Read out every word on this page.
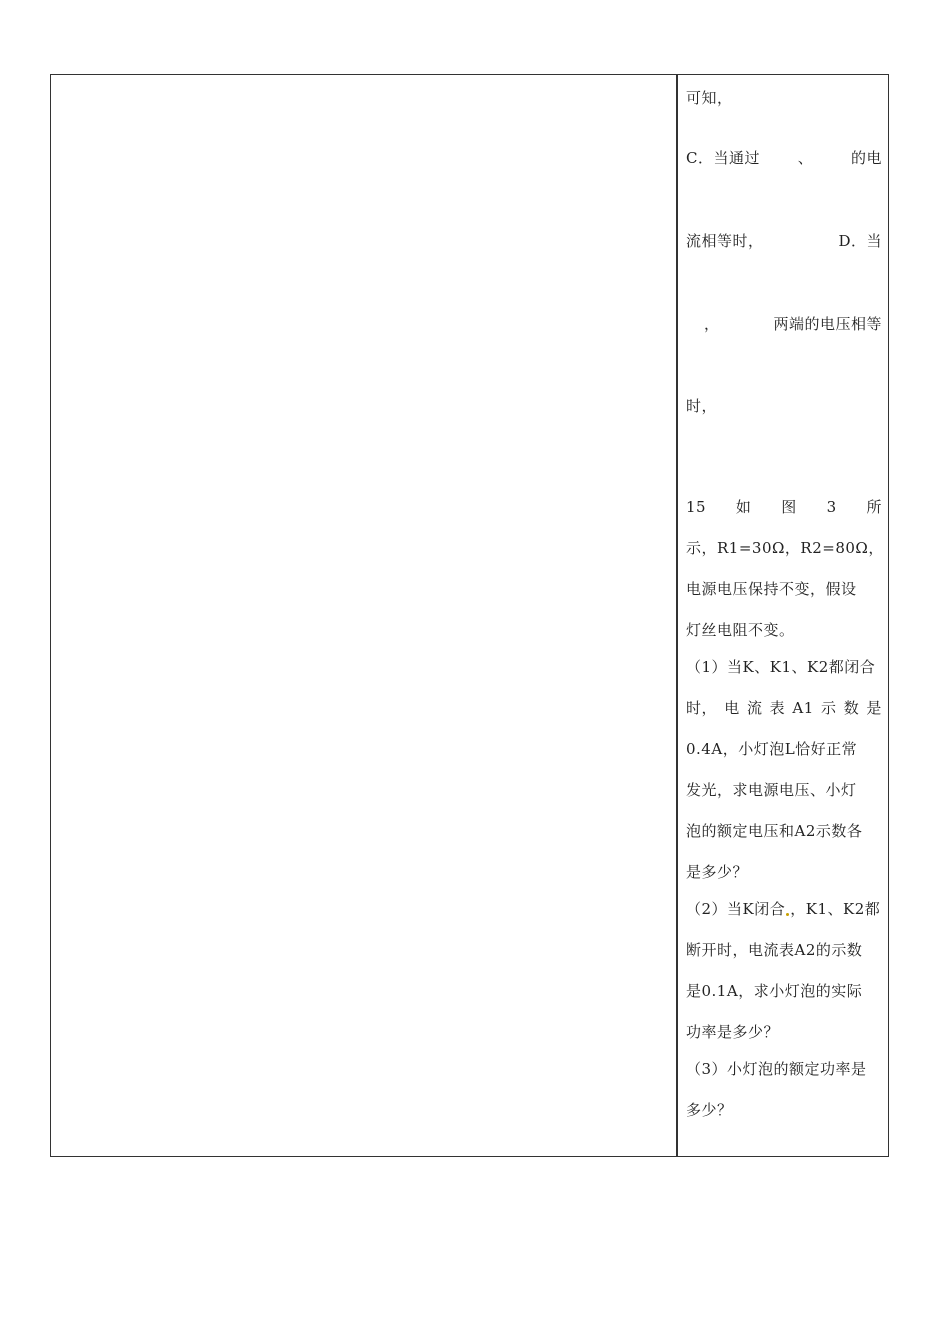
可知，
C．当通过	、	的电
流相等时，	D．当
，	两端的电压相等
时，
15 如 图 3 所
示，R1=30Ω，R2=80Ω，
电源电压保持不变，假设
灯丝电阻不变。
（1）当K、K1、K2都闭合
时， 电 流 表 A1 示 数 是
0.4A，小灯泡L恰好正常
发光，求电源电压、小灯
泡的额定电压和A2示数各
是多少？
（2）当K闭合 ，K1、K2都
断开时，电流表A2的示数
是0.1A，求小灯泡的实际
功率是多少？
（3）小灯泡的额定功率是
多少？
